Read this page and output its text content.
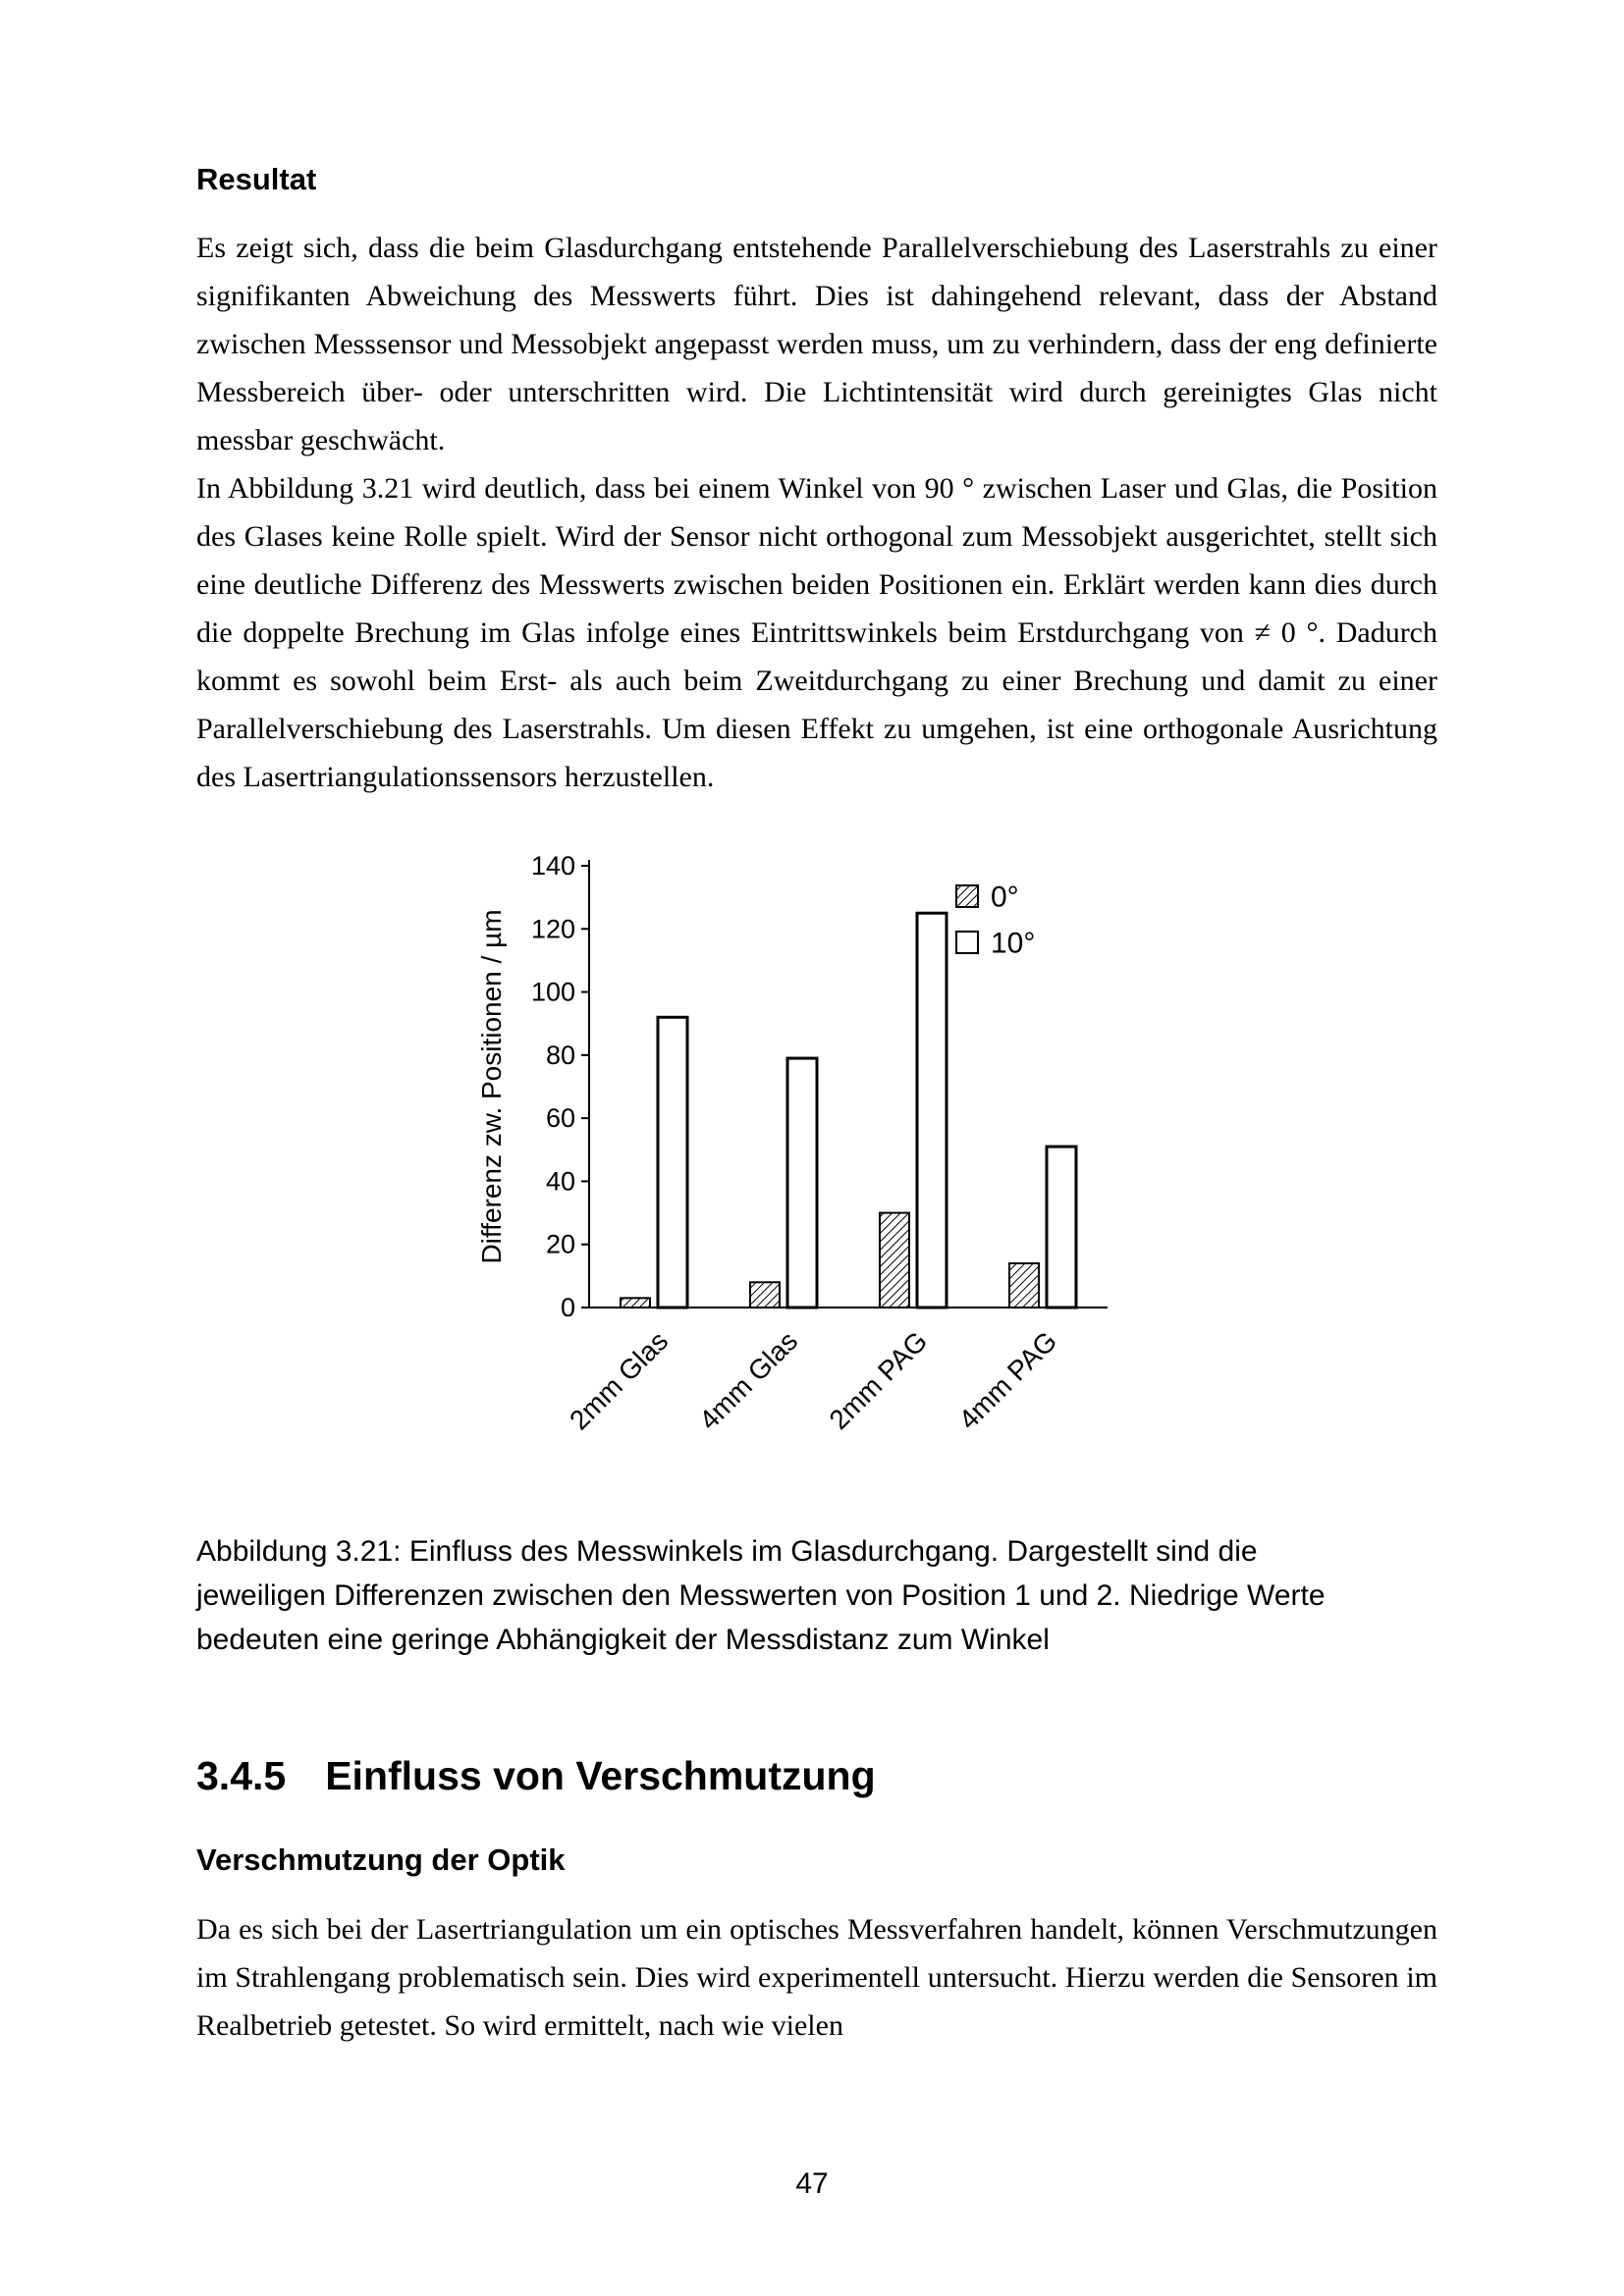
Resultat

Es zeigt sich, dass die beim Glasdurchgang entstehende Parallelverschiebung des Laserstrahls zu einer signifikanten Abweichung des Messwerts führt. Dies ist dahingehend relevant, dass der Abstand zwischen Messsensor und Messobjekt angepasst werden muss, um zu verhindern, dass der eng definierte Messbereich über- oder unterschritten wird. Die Lichtintensität wird durch gereinigtes Glas nicht messbar geschwächt.

In Abbildung 3.21 wird deutlich, dass bei einem Winkel von 90 ° zwischen Laser und Glas, die Position des Glases keine Rolle spielt. Wird der Sensor nicht orthogonal zum Messobjekt ausgerichtet, stellt sich eine deutliche Differenz des Messwerts zwischen beiden Positionen ein. Erklärt werden kann dies durch die doppelte Brechung im Glas infolge eines Eintrittswinkels beim Erstdurchgang von ≠ 0 °. Dadurch kommt es sowohl beim Erst- als auch beim Zweitdurchgang zu einer Brechung und damit zu einer Parallelverschiebung des Laserstrahls. Um diesen Effekt zu umgehen, ist eine orthogonale Ausrichtung des Lasertriangulationssensors herzustellen.

0
20
40
60
80
100
120
140
2mm Glas 4mm Glas 2mm PAG 4mm PAG
Differenz zw. Positionen / µm
0°
10°
Abbildung 3.21: Einfluss des Messwinkels im Glasdurchgang. Dargestellt sind die jeweiligen Differenzen zwischen den Messwerten von Position 1 und 2. Niedrige Werte bedeuten eine geringe Abhängigkeit der Messdistanz zum Winkel
3.4.5 Einfluss von Verschmutzung
Verschmutzung der Optik

Da es sich bei der Lasertriangulation um ein optisches Messverfahren handelt, können Verschmutzungen im Strahlengang problematisch sein. Dies wird experimentell untersucht. Hierzu werden die Sensoren im Realbetrieb getestet. So wird ermittelt, nach wie vielen

47
